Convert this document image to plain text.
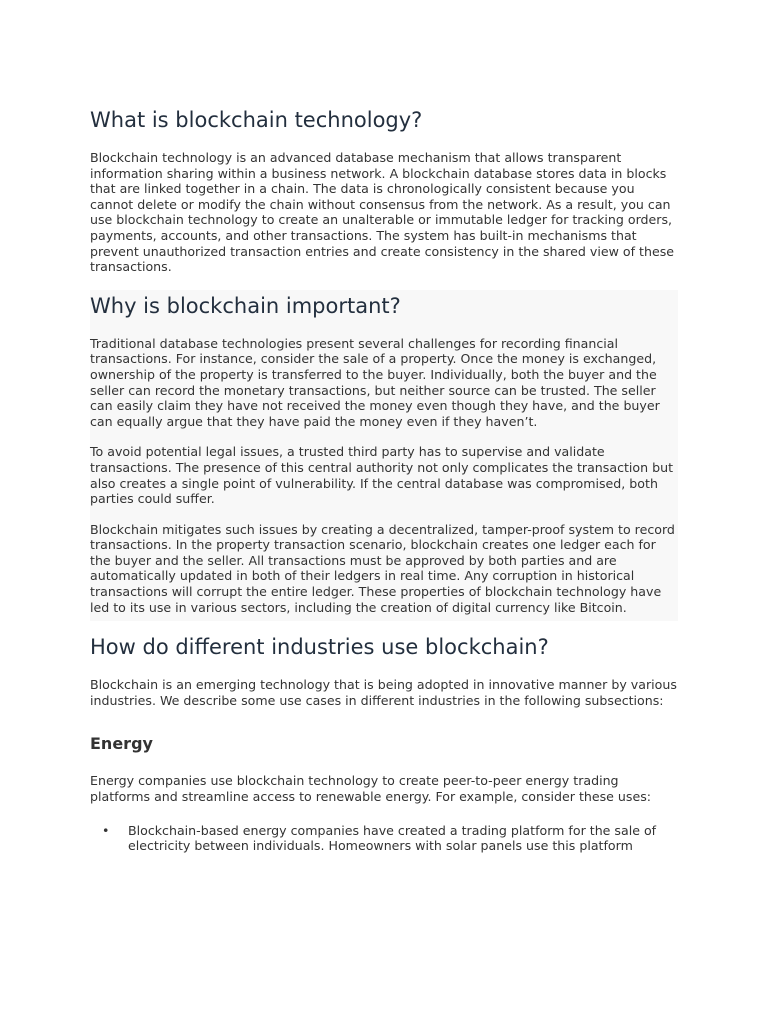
What is blockchain technology?

Blockchain technology is an advanced database mechanism that allows transparent information sharing within a business network. A blockchain database stores data in blocks that are linked together in a chain. The data is chronologically consistent because you cannot delete or modify the chain without consensus from the network. As a result, you can use blockchain technology to create an unalterable or immutable ledger for tracking orders, payments, accounts, and other transactions. The system has built-in mechanisms that prevent unauthorized transaction entries and create consistency in the shared view of these transactions.

Why is blockchain important?

Traditional database technologies present several challenges for recording financial transactions. For instance, consider the sale of a property. Once the money is exchanged, ownership of the property is transferred to the buyer. Individually, both the buyer and the seller can record the monetary transactions, but neither source can be trusted. The seller can easily claim they have not received the money even though they have, and the buyer can equally argue that they have paid the money even if they haven’t.

To avoid potential legal issues, a trusted third party has to supervise and validate transactions. The presence of this central authority not only complicates the transaction but also creates a single point of vulnerability. If the central database was compromised, both parties could suffer.

Blockchain mitigates such issues by creating a decentralized, tamper-proof system to record transactions. In the property transaction scenario, blockchain creates one ledger each for the buyer and the seller. All transactions must be approved by both parties and are automatically updated in both of their ledgers in real time. Any corruption in historical transactions will corrupt the entire ledger. These properties of blockchain technology have led to its use in various sectors, including the creation of digital currency like Bitcoin.

How do different industries use blockchain?

Blockchain is an emerging technology that is being adopted in innovative manner by various industries. We describe some use cases in different industries in the following subsections:

Energy

Energy companies use blockchain technology to create peer-to-peer energy trading platforms and streamline access to renewable energy. For example, consider these uses:

• Blockchain-based energy companies have created a trading platform for the sale of electricity between individuals. Homeowners with solar panels use this platform
